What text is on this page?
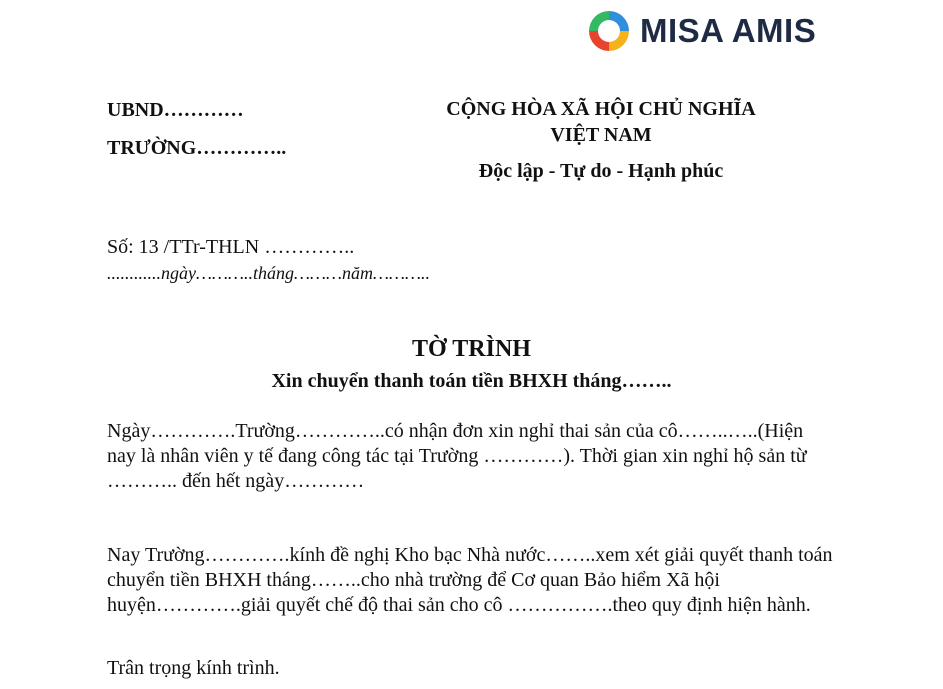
MISA AMIS
UBND…………
TRƯỜNG…………..
CỘNG HÒA XÃ HỘI CHỦ NGHĨA
VIỆT NAM
Độc lập - Tự do - Hạnh phúc
Số: 13 /TTr-THLN …………..
............ngày………..tháng………năm………..
TỜ TRÌNH
Xin chuyển thanh toán tiền BHXH tháng……..

Ngày………….Trường…………..có nhận đơn xin nghỉ thai sản của cô……..…..(Hiện nay là nhân viên y tế đang công tác tại Trường …………). Thời gian xin nghỉ hộ sản từ ……….. đến hết ngày…………

Nay Trường………….kính đề nghị Kho bạc Nhà nước……..xem xét giải quyết thanh toán chuyển tiền BHXH tháng……..cho nhà trường để Cơ quan Bảo hiểm Xã hội huyện………….giải quyết chế độ thai sản cho cô …………….theo quy định hiện hành.

Trân trọng kính trình.
